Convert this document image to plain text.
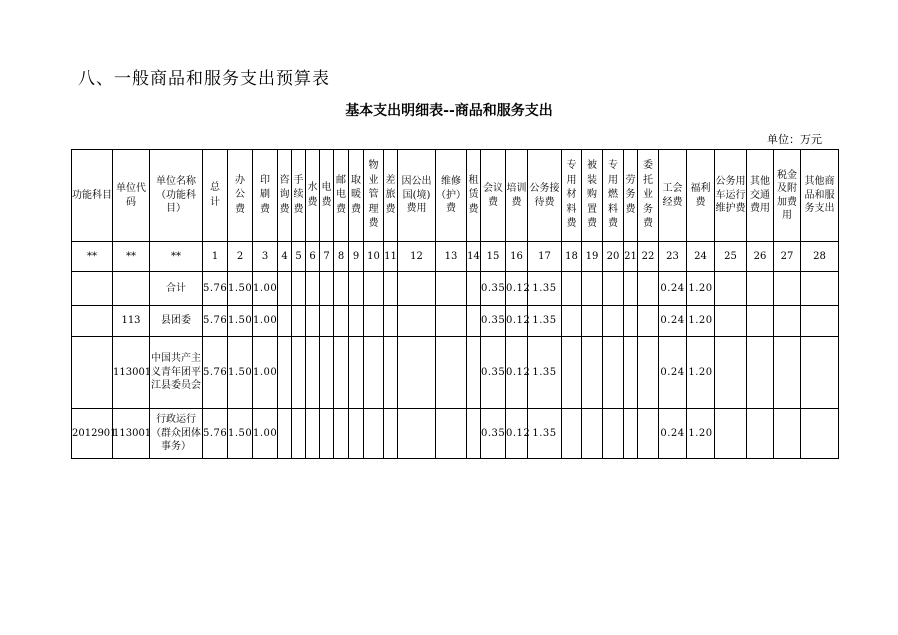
八、一般商品和服务支出预算表
基本支出明细表--商品和服务支出
单位：万元
功能科目	单位代码	单位名称（功能科目）	总计	办公费	印刷费	咨询费	手续费	水费	电费	邮电费	取暖费	物业管理费	差旅费	因公出国(境)费用	维修（护）费	租赁费	会议费	培训费	公务接待费	专用材料费	被装购置费	专用燃料费	劳务费	委托业务费	工会经费	福利费	公务用车运行维护费	其他交通费用	税金及附加费用	其他商品和服务支出
**	**	**	1	2	3	4	5	6	7	8	9	10	11	12	13	14	15	16	17	18	19	20	21	22	23	24	25	26	27	28
		合计	5.76	1.50	1.00												0.35	0.12	1.35						0.24	1.20				
	113	县团委	5.76	1.50	1.00												0.35	0.12	1.35						0.24	1.20				
	113001	中国共产主义青年团平江县委员会	5.76	1.50	1.00												0.35	0.12	1.35						0.24	1.20				
2012901	113001	行政运行（群众团体事务）	5.76	1.50	1.00												0.35	0.12	1.35						0.24	1.20				
